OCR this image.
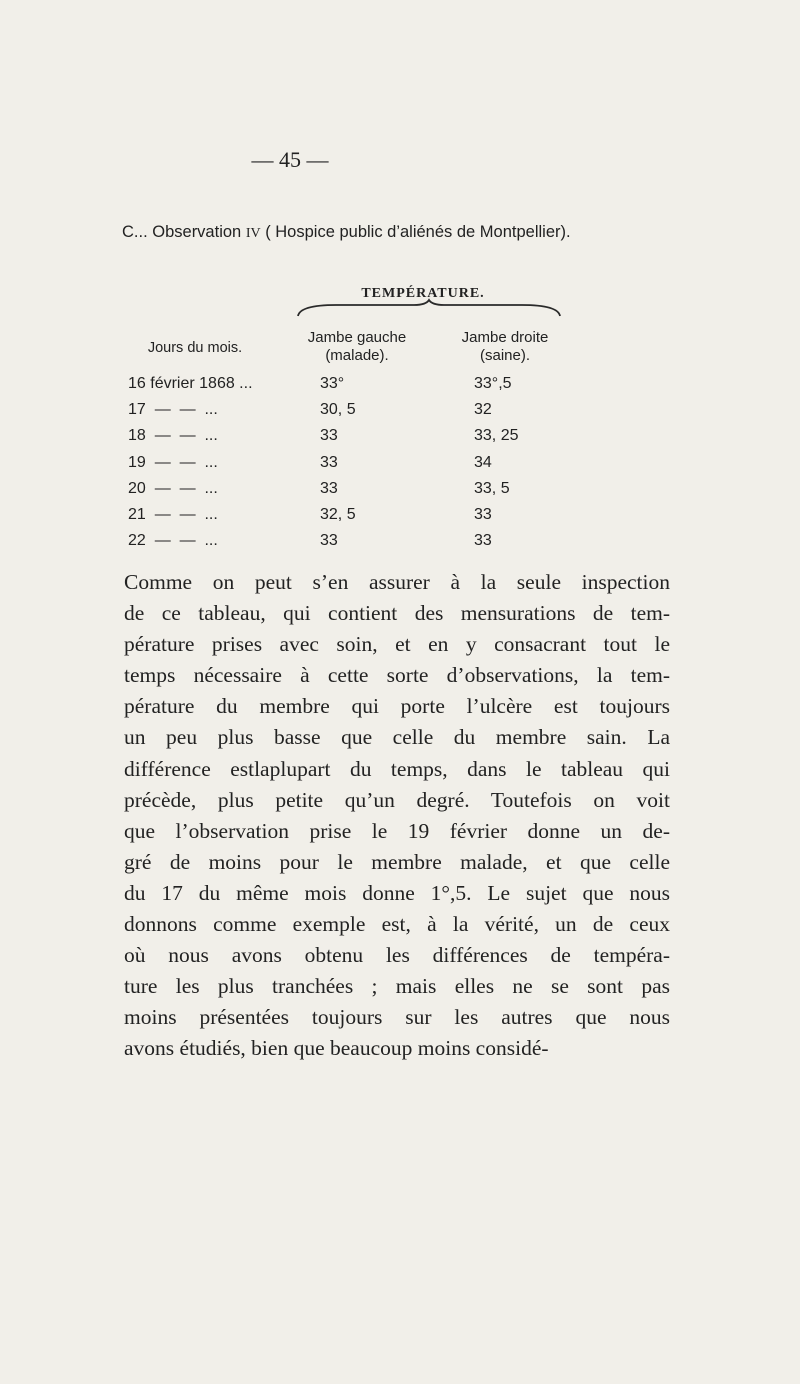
— 45 —
C... Observation IV ( Hospice public d’aliénés de Montpellier).
TEMPÉRATURE.
Jours du mois.
Jambe gauche
(malade).
Jambe droite
(saine).
16 février 1868 ...	33°	33°,5
17  —  —  ...	30, 5	32
18  —  —  ...	33	33, 25
19  —  —  ...	33	34
20  —  —  ...	33	33, 5
21  —  —  ...	32, 5	33
22  —  —  ...	33	33
Comme on peut s’en assurer à la seule inspection
de ce tableau, qui contient des mensurations de tem-
pérature prises avec soin, et en y consacrant tout le
temps nécessaire à cette sorte d’observations, la tem-
pérature du membre qui porte l’ulcère est toujours
un peu plus basse que celle du membre sain. La
différence estlaplupart du temps, dans le tableau qui
précède, plus petite qu’un degré. Toutefois on voit
que l’observation prise le 19 février donne un de-
gré de moins pour le membre malade, et que celle
du 17 du même mois donne 1°,5. Le sujet que nous
donnons comme exemple est, à la vérité, un de ceux
où nous avons obtenu les différences de tempéra-
ture les plus tranchées ; mais elles ne se sont pas
moins présentées toujours sur les autres que nous
avons étudiés, bien que beaucoup moins considé-
